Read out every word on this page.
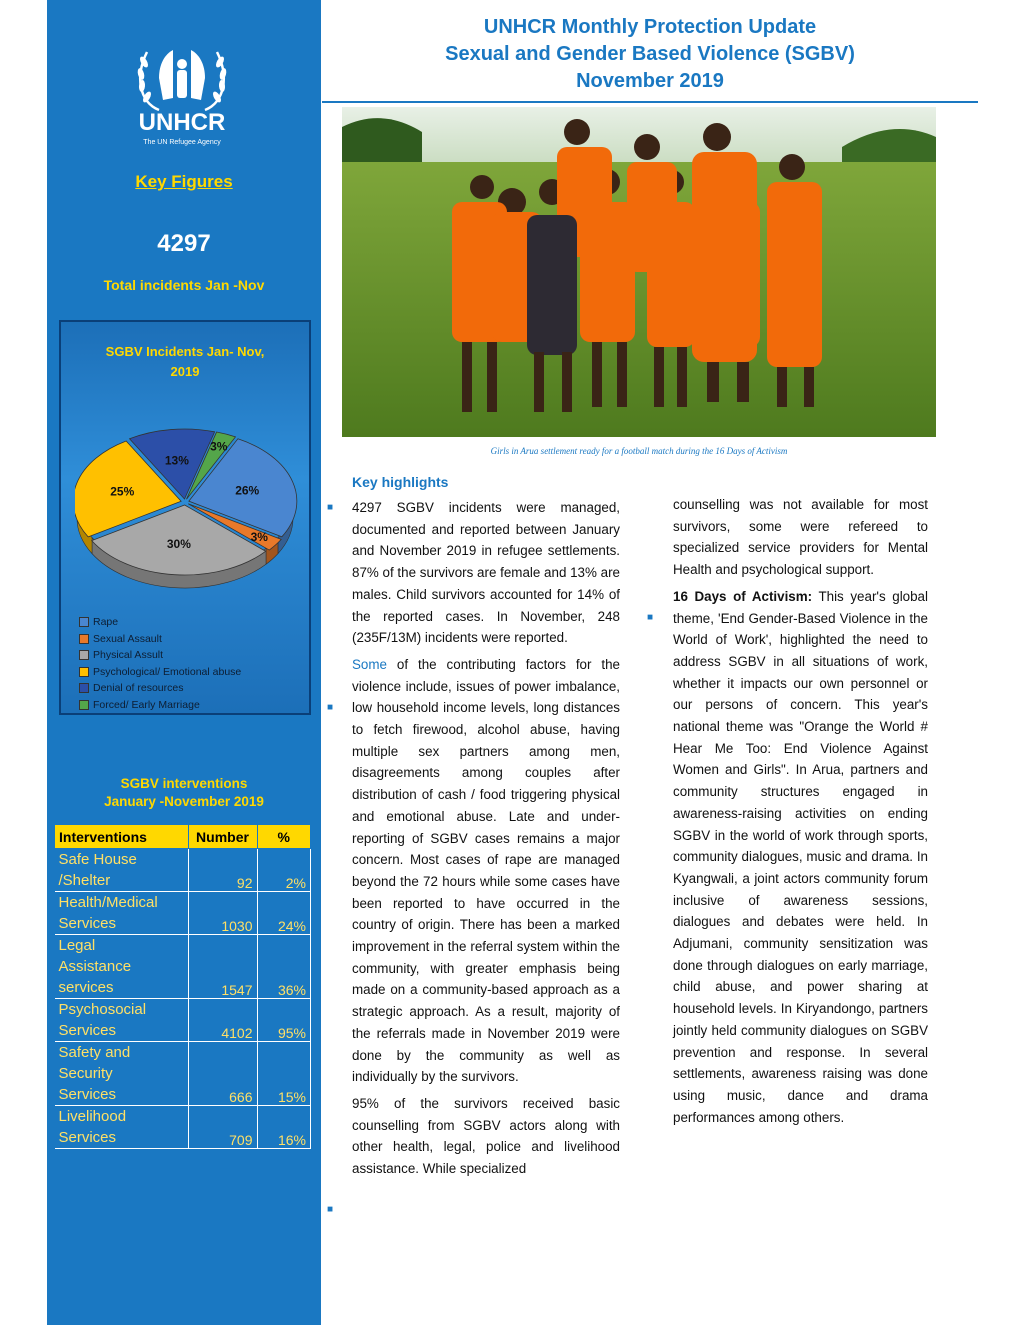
UNHCR
The UN Refugee Agency
Key Figures
4297
Total incidents Jan -Nov
SGBV Incidents Jan- Nov,
2019
26%
3%
30%
25%
13%
3%
Rape
Sexual Assault
Physical Assult
Psychological/ Emotional abuse
Denial of resources
Forced/ Early Marriage
SGBV interventions
January -November 2019
Interventions	Number	%

Safe House
/Shelter	92	2%

Health/Medical
Services	1030	24%

Legal
Assistance
services	1547	36%

Psychosocial
Services	4102	95%

Safety and
Security
Services	666	15%

Livelihood
Services	709	16%
UNHCR Monthly Protection Update
Sexual and Gender Based Violence (SGBV)
November 2019
Girls in Arua settlement ready for a football match during the 16 Days of Activism
Key highlights
■
■
■
■

4297 SGBV incidents were managed, documented and reported between January and November 2019 in refugee settlements. 87% of the survivors are female and 13% are males. Child survivors accounted for 14% of the reported cases. In November, 248 (235F/13M) incidents were reported.

Some of the contributing factors for the violence include, issues of power imbalance, low household income levels, long distances to fetch firewood, alcohol abuse, having multiple sex partners among men, disagreements among couples after distribution of cash / food triggering physical and emotional abuse. Late and under-reporting of SGBV cases remains a major concern. Most cases of rape are managed beyond the 72 hours while some cases have been reported to have occurred in the country of origin. There has been a marked improvement in the referral system within the community, with greater emphasis being made on a community-based approach as a strategic approach. As a result, majority of the referrals made in November 2019 were done by the community as well as individually by the survivors.

95% of the survivors received basic counselling from SGBV actors along with other health, legal, police and livelihood assistance. While specialized

counselling was not available for most survivors, some were refereed to specialized service providers for Mental Health and psychological support.

16 Days of Activism: This year's global theme, 'End Gender-Based Violence in the World of Work', highlighted the need to address SGBV in all situations of work, whether it impacts our own personnel or our persons of concern. This year's national theme was "Orange the World # Hear Me Too: End Violence Against Women and Girls". In Arua, partners and community structures engaged in awareness-raising activities on ending SGBV in the world of work through sports, community dialogues, music and drama. In Kyangwali, a joint actors community forum inclusive of awareness sessions, dialogues and debates were held. In Adjumani, community sensitization was done through dialogues on early marriage, child abuse, and power sharing at household levels. In Kiryandongo, partners jointly held community dialogues on SGBV prevention and response. In several settlements, awareness raising was done using music, dance and drama performances among others.
